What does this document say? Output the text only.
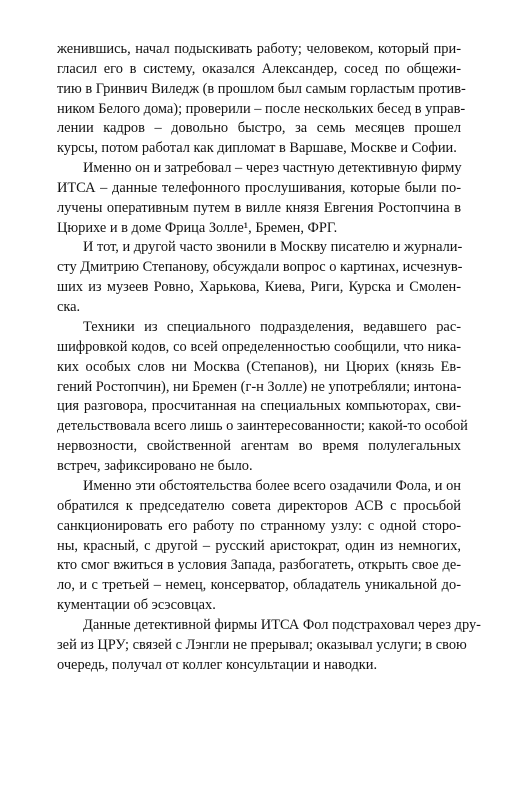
женившись, начал подыскивать работу; человеком, который при-
гласил его в системy, оказался Александер, сосед по общежи-
тию в Гринвич Виледж (в прошлом был самым горластым против-
ником Белого дома); проверили – после нескольких бесед в управ-
лении кадров – довольно быстро, за семь месяцев прошел
курсы, потом работал как дипломат в Варшаве, Москве и Софии.
Именно он и затребовал – через частную детективную фирму
ИТСА – данные телефонного прослушивания, которые были по-
лучены оперативным путем в вилле князя Евгения Ростопчина в
Цюрихе и в доме Фрица Золле¹, Бремен, ФРГ.
И тот, и другой часто звонили в Москву писателю и журнали-
сту Дмитрию Степанову, обсуждали вопрос о картинах, исчезнув-
ших из музеев Ровно, Харькова, Киева, Риги, Курска и Смолен-
ска.
Техники из специального подразделения, ведавшего рас-
шифровкой кодов, со всей определенностью сообщили, что ника-
ких особых слов ни Москва (Степанов), ни Цюрих (князь Ев-
гений Ростопчин), ни Бремен (г-н Золле) не употребляли; интона-
ция разговора, просчитанная на специальных компьюторах, сви-
детельствовала всего лишь о заинтересованности; какой-то особой
нервозности, свойственной агентам во время полулегальных
встреч, зафиксировано не было.
Именно эти обстоятельства более всего озадачили Фола, и он
обратился к председателю совета директоров АСВ с просьбой
санкционировать его работу по странному узлу: с одной сторо-
ны, красный, с другой – русский аристократ, один из немногих,
кто смог вжиться в условия Запада, разбогатеть, открыть свое де-
ло, и с третьей – немец, консерватор, обладатель уникальной до-
кументации об эсэсовцах.
Данные детективной фирмы ИТСА Фол подстраховал через дру-
зей из ЦРУ; связей с Лэнгли не прерывал; оказывал услуги; в свою
очередь, получал от коллег консультации и наводки.
